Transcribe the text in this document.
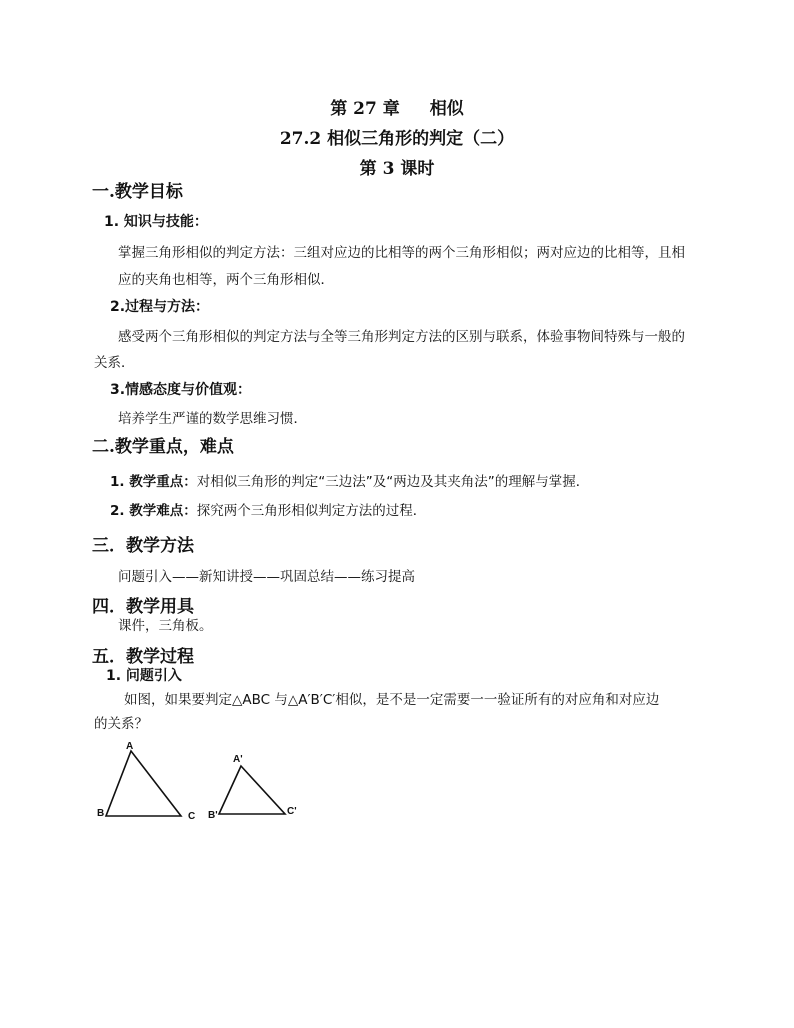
第 27 章 相似
27.2 相似三角形的判定（二）
第 3 课时
一.教学目标
1. 知识与技能：
掌握三角形相似的判定方法：三组对应边的比相等的两个三角形相似；两对应边的比相等，且相
应的夹角也相等，两个三角形相似．
2.过程与方法：
感受两个三角形相似的判定方法与全等三角形判定方法的区别与联系，体验事物间特殊与一般的
关系．
3.情感态度与价值观：
培养学生严谨的数学思维习惯．
二.教学重点，难点
1. 教学重点：对相似三角形的判定“三边法”及“两边及其夹角法”的理解与掌握．
2. 教学难点：探究两个三角形相似判定方法的过程．
三．教学方法
问题引入——新知讲授——巩固总结——练习提高
四．教学用具
课件，三角板。
五．教学过程
1. 问题引入
如图，如果要判定△ABC 与△A′B′C′相似，是不是一定需要一一验证所有的对应角和对应边
的关系？
A
B	C
A'
B'	C'
